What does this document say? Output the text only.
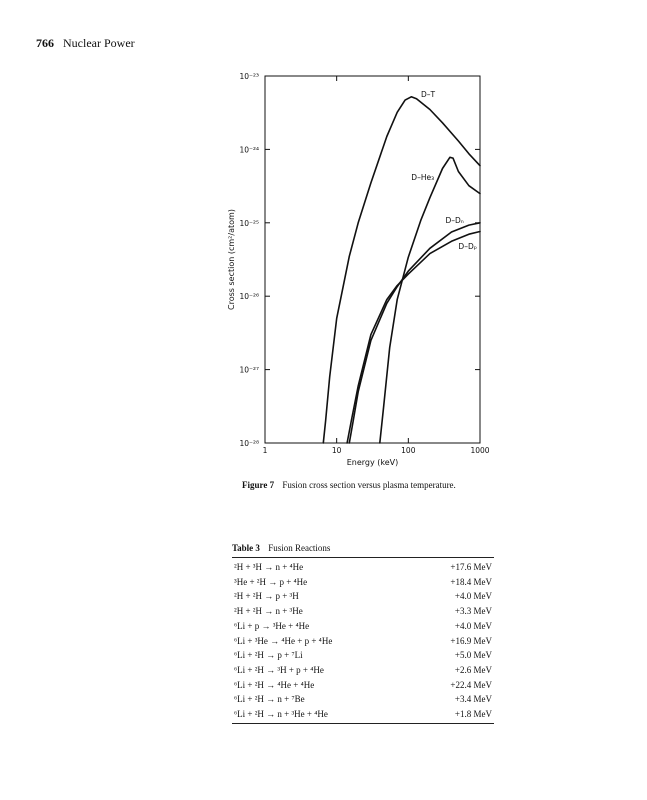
766 Nuclear Power
1	10	100	1000
10⁻²³
10⁻²⁴
10⁻²⁵
10⁻²⁶
10⁻²⁷
10⁻²⁸
D–T
D–He₃
D–Dₙ
D–Dₚ
Energy (keV)
Cross section (cm²/atom)
Figure 7 Fusion cross section versus plasma temperature.
Table 3 Fusion Reactions
²H + ³H → n + ⁴He	+17.6 MeV
³He + ²H → p + ⁴He	+18.4 MeV
²H + ²H → p + ³H	+4.0 MeV
²H + ²H → n + ³He	+3.3 MeV
⁶Li + p → ³He + ⁴He	+4.0 MeV
⁶Li + ³He → ⁴He + p + ⁴He	+16.9 MeV
⁶Li + ²H → p + ⁷Li	+5.0 MeV
⁶Li + ²H → ³H + p + ⁴He	+2.6 MeV
⁶Li + ²H → ⁴He + ⁴He	+22.4 MeV
⁶Li + ²H → n + ⁷Be	+3.4 MeV
⁶Li + ²H → n + ³He + ⁴He	+1.8 MeV
